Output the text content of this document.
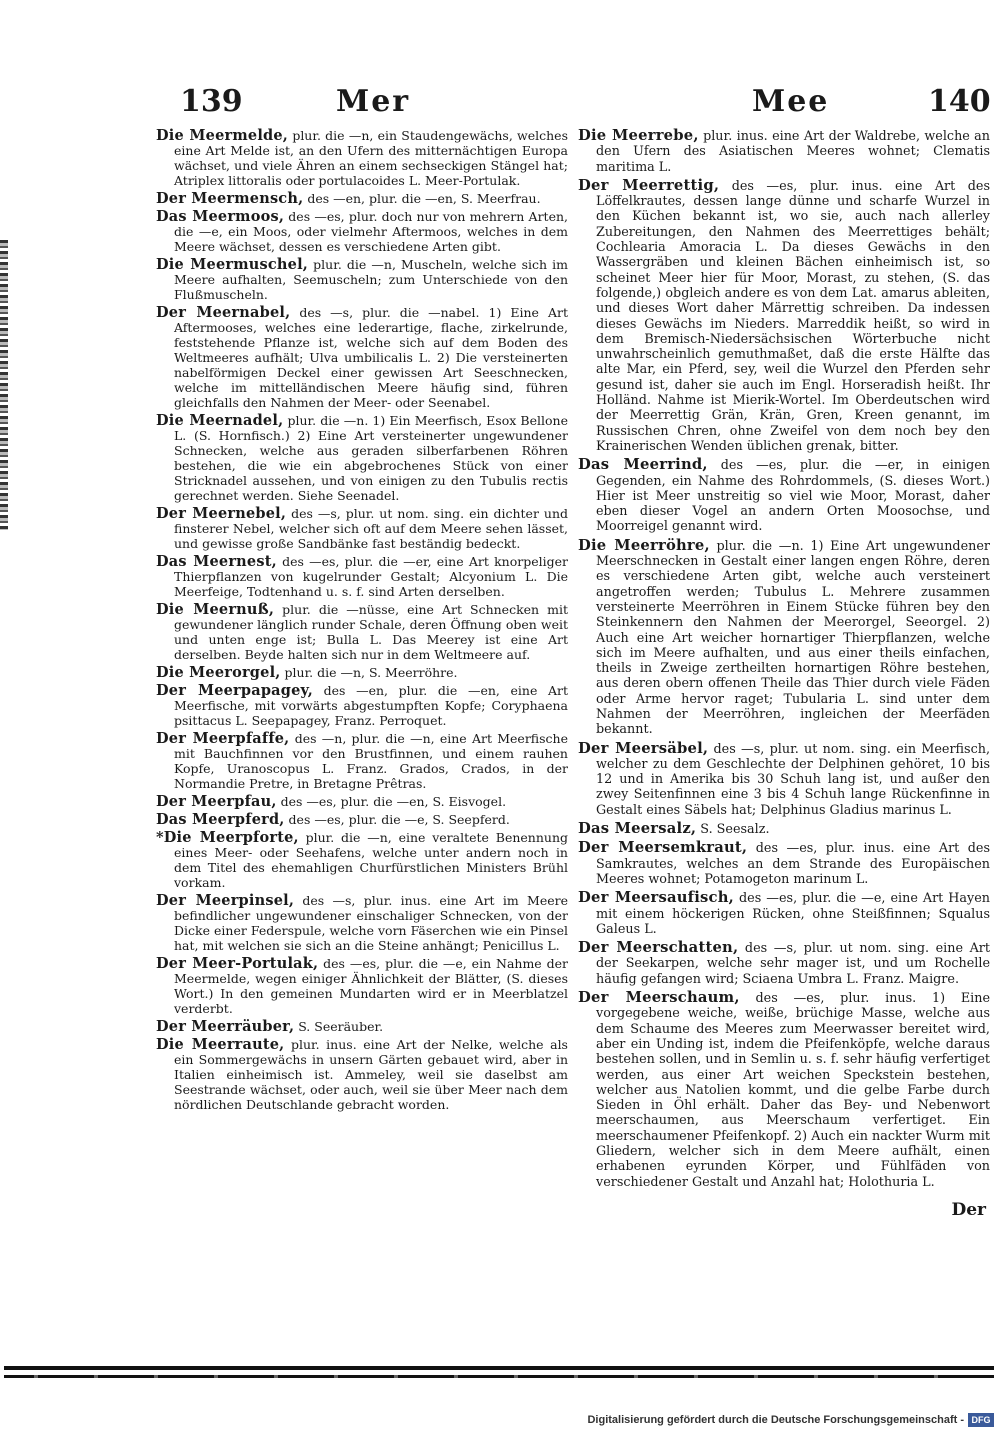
139	Mer	Mee	140

Die Meermelde, plur. die —n, ein Staudengewächs, welches eine Art Melde ist, an den Ufern des mitternächtigen Europa wächset, und viele Ähren an einem sechseckigen Stängel hat; Atriplex littoralis oder portulacoides L. Meer-Portulak.

Der Meermensch, des —en, plur. die —en, S. Meerfrau.

Das Meermoos, des —es, plur. doch nur von mehrern Arten, die —e, ein Moos, oder vielmehr Aftermoos, welches in dem Meere wächset, dessen es verschiedene Arten gibt.

Die Meermuschel, plur. die —n, Muscheln, welche sich im Meere aufhalten, Seemuscheln; zum Unterschiede von den Flußmuscheln.

Der Meernabel, des —s, plur. die —nabel. 1) Eine Art Aftermooses, welches eine lederartige, flache, zirkelrunde, feststehende Pflanze ist, welche sich auf dem Boden des Weltmeeres aufhält; Ulva umbilicalis L. 2) Die versteinerten nabelförmigen Deckel einer gewissen Art Seeschnecken, welche im mittelländischen Meere häufig sind, führen gleichfalls den Nahmen der Meer- oder Seenabel.

Die Meernadel, plur. die —n. 1) Ein Meerfisch, Esox Bellone L. (S. Hornfisch.) 2) Eine Art versteinerter ungewundener Schnecken, welche aus geraden silberfarbenen Röhren bestehen, die wie ein abgebrochenes Stück von einer Stricknadel aussehen, und von einigen zu den Tubulis rectis gerechnet werden. Siehe Seenadel.

Der Meernebel, des —s, plur. ut nom. sing. ein dichter und finsterer Nebel, welcher sich oft auf dem Meere sehen lässet, und gewisse große Sandbänke fast beständig bedeckt.

Das Meernest, des —es, plur. die —er, eine Art knorpeliger Thierpflanzen von kugelrunder Gestalt; Alcyonium L. Die Meerfeige, Todtenhand u. s. f. sind Arten derselben.

Die Meernuß, plur. die —nüsse, eine Art Schnecken mit gewundener länglich runder Schale, deren Öffnung oben weit und unten enge ist; Bulla L. Das Meerey ist eine Art derselben. Beyde halten sich nur in dem Weltmeere auf.

Die Meerorgel, plur. die —n, S. Meerröhre.

Der Meerpapagey, des —en, plur. die —en, eine Art Meerfische, mit vorwärts abgestumpften Kopfe; Coryphaena psittacus L. Seepapagey, Franz. Perroquet.

Der Meerpfaffe, des —n, plur. die —n, eine Art Meerfische mit Bauchfinnen vor den Brustfinnen, und einem rauhen Kopfe, Uranoscopus L. Franz. Grados, Crados, in der Normandie Pretre, in Bretagne Prêtras.

Der Meerpfau, des —es, plur. die —en, S. Eisvogel.

Das Meerpferd, des —es, plur. die —e, S. Seepferd.

*Die Meerpforte, plur. die —n, eine veraltete Benennung eines Meer- oder Seehafens, welche unter andern noch in dem Titel des ehemahligen Churfürstlichen Ministers Brühl vorkam.

Der Meerpinsel, des —s, plur. inus. eine Art im Meere befindlicher ungewundener einschaliger Schnecken, von der Dicke einer Federspule, welche vorn Fäserchen wie ein Pinsel hat, mit welchen sie sich an die Steine anhängt; Penicillus L.

Der Meer-Portulak, des —es, plur. die —e, ein Nahme der Meermelde, wegen einiger Ähnlichkeit der Blätter, (S. dieses Wort.) In den gemeinen Mundarten wird er in Meerblatzel verderbt.

Der Meerräuber, S. Seeräuber.

Die Meerraute, plur. inus. eine Art der Nelke, welche als ein Sommergewächs in unsern Gärten gebauet wird, aber in Italien einheimisch ist. Ammeley, weil sie daselbst am Seestrande wächset, oder auch, weil sie über Meer nach dem nördlichen Deutschlande gebracht worden.

Die Meerrebe, plur. inus. eine Art der Waldrebe, welche an den Ufern des Asiatischen Meeres wohnet; Clematis maritima L.

Der Meerrettig, des —es, plur. inus. eine Art des Löffelkrautes, dessen lange dünne und scharfe Wurzel in den Küchen bekannt ist, wo sie, auch nach allerley Zubereitungen, den Nahmen des Meerrettiges behält; Cochlearia Amoracia L. Da dieses Gewächs in den Wassergräben und kleinen Bächen einheimisch ist, so scheinet Meer hier für Moor, Morast, zu stehen, (S. das folgende,) obgleich andere es von dem Lat. amarus ableiten, und dieses Wort daher Märrettig schreiben. Da indessen dieses Gewächs im Nieders. Marreddik heißt, so wird in dem Bremisch-Niedersächsischen Wörterbuche nicht unwahrscheinlich gemuthmaßet, daß die erste Hälfte das alte Mar, ein Pferd, sey, weil die Wurzel den Pferden sehr gesund ist, daher sie auch im Engl. Horseradish heißt. Ihr Holländ. Nahme ist Mierik-Wortel. Im Oberdeutschen wird der Meerrettig Grän, Krän, Gren, Kreen genannt, im Russischen Chren, ohne Zweifel von dem noch bey den Krainerischen Wenden üblichen grenak, bitter.

Das Meerrind, des —es, plur. die —er, in einigen Gegenden, ein Nahme des Rohrdommels, (S. dieses Wort.) Hier ist Meer unstreitig so viel wie Moor, Morast, daher eben dieser Vogel an andern Orten Moosochse, und Moorreigel genannt wird.

Die Meerröhre, plur. die —n. 1) Eine Art ungewundener Meerschnecken in Gestalt einer langen engen Röhre, deren es verschiedene Arten gibt, welche auch versteinert angetroffen werden; Tubulus L. Mehrere zusammen versteinerte Meerröhren in Einem Stücke führen bey den Steinkennern den Nahmen der Meerorgel, Seeorgel. 2) Auch eine Art weicher hornartiger Thierpflanzen, welche sich im Meere aufhalten, und aus einer theils einfachen, theils in Zweige zertheilten hornartigen Röhre bestehen, aus deren obern offenen Theile das Thier durch viele Fäden oder Arme hervor raget; Tubularia L. sind unter dem Nahmen der Meerröhren, ingleichen der Meerfäden bekannt.

Der Meersäbel, des —s, plur. ut nom. sing. ein Meerfisch, welcher zu dem Geschlechte der Delphinen gehöret, 10 bis 12 und in Amerika bis 30 Schuh lang ist, und außer den zwey Seitenfinnen eine 3 bis 4 Schuh lange Rückenfinne in Gestalt eines Säbels hat; Delphinus Gladius marinus L.

Das Meersalz, S. Seesalz.

Der Meersemkraut, des —es, plur. inus. eine Art des Samkrautes, welches an dem Strande des Europäischen Meeres wohnet; Potamogeton marinum L.

Der Meersaufisch, des —es, plur. die —e, eine Art Hayen mit einem höckerigen Rücken, ohne Steißfinnen; Squalus Galeus L.

Der Meerschatten, des —s, plur. ut nom. sing. eine Art der Seekarpen, welche sehr mager ist, und um Rochelle häufig gefangen wird; Sciaena Umbra L. Franz. Maigre.

Der Meerschaum, des —es, plur. inus. 1) Eine vorgegebene weiche, weiße, brüchige Masse, welche aus dem Schaume des Meeres zum Meerwasser bereitet wird, aber ein Unding ist, indem die Pfeifenköpfe, welche daraus bestehen sollen, und in Semlin u. s. f. sehr häufig verfertiget werden, aus einer Art weichen Speckstein bestehen, welcher aus Natolien kommt, und die gelbe Farbe durch Sieden in Öhl erhält. Daher das Bey- und Nebenwort meerschaumen, aus Meerschaum verfertiget. Ein meerschaumener Pfeifenkopf. 2) Auch ein nackter Wurm mit Gliedern, welcher sich in dem Meere aufhält, einen erhabenen eyrunden Körper, und Fühlfäden von verschiedener Gestalt und Anzahl hat; Holothuria L.

Der
Digitalisierung gefördert durch die Deutsche Forschungsgemeinschaft - DFG
